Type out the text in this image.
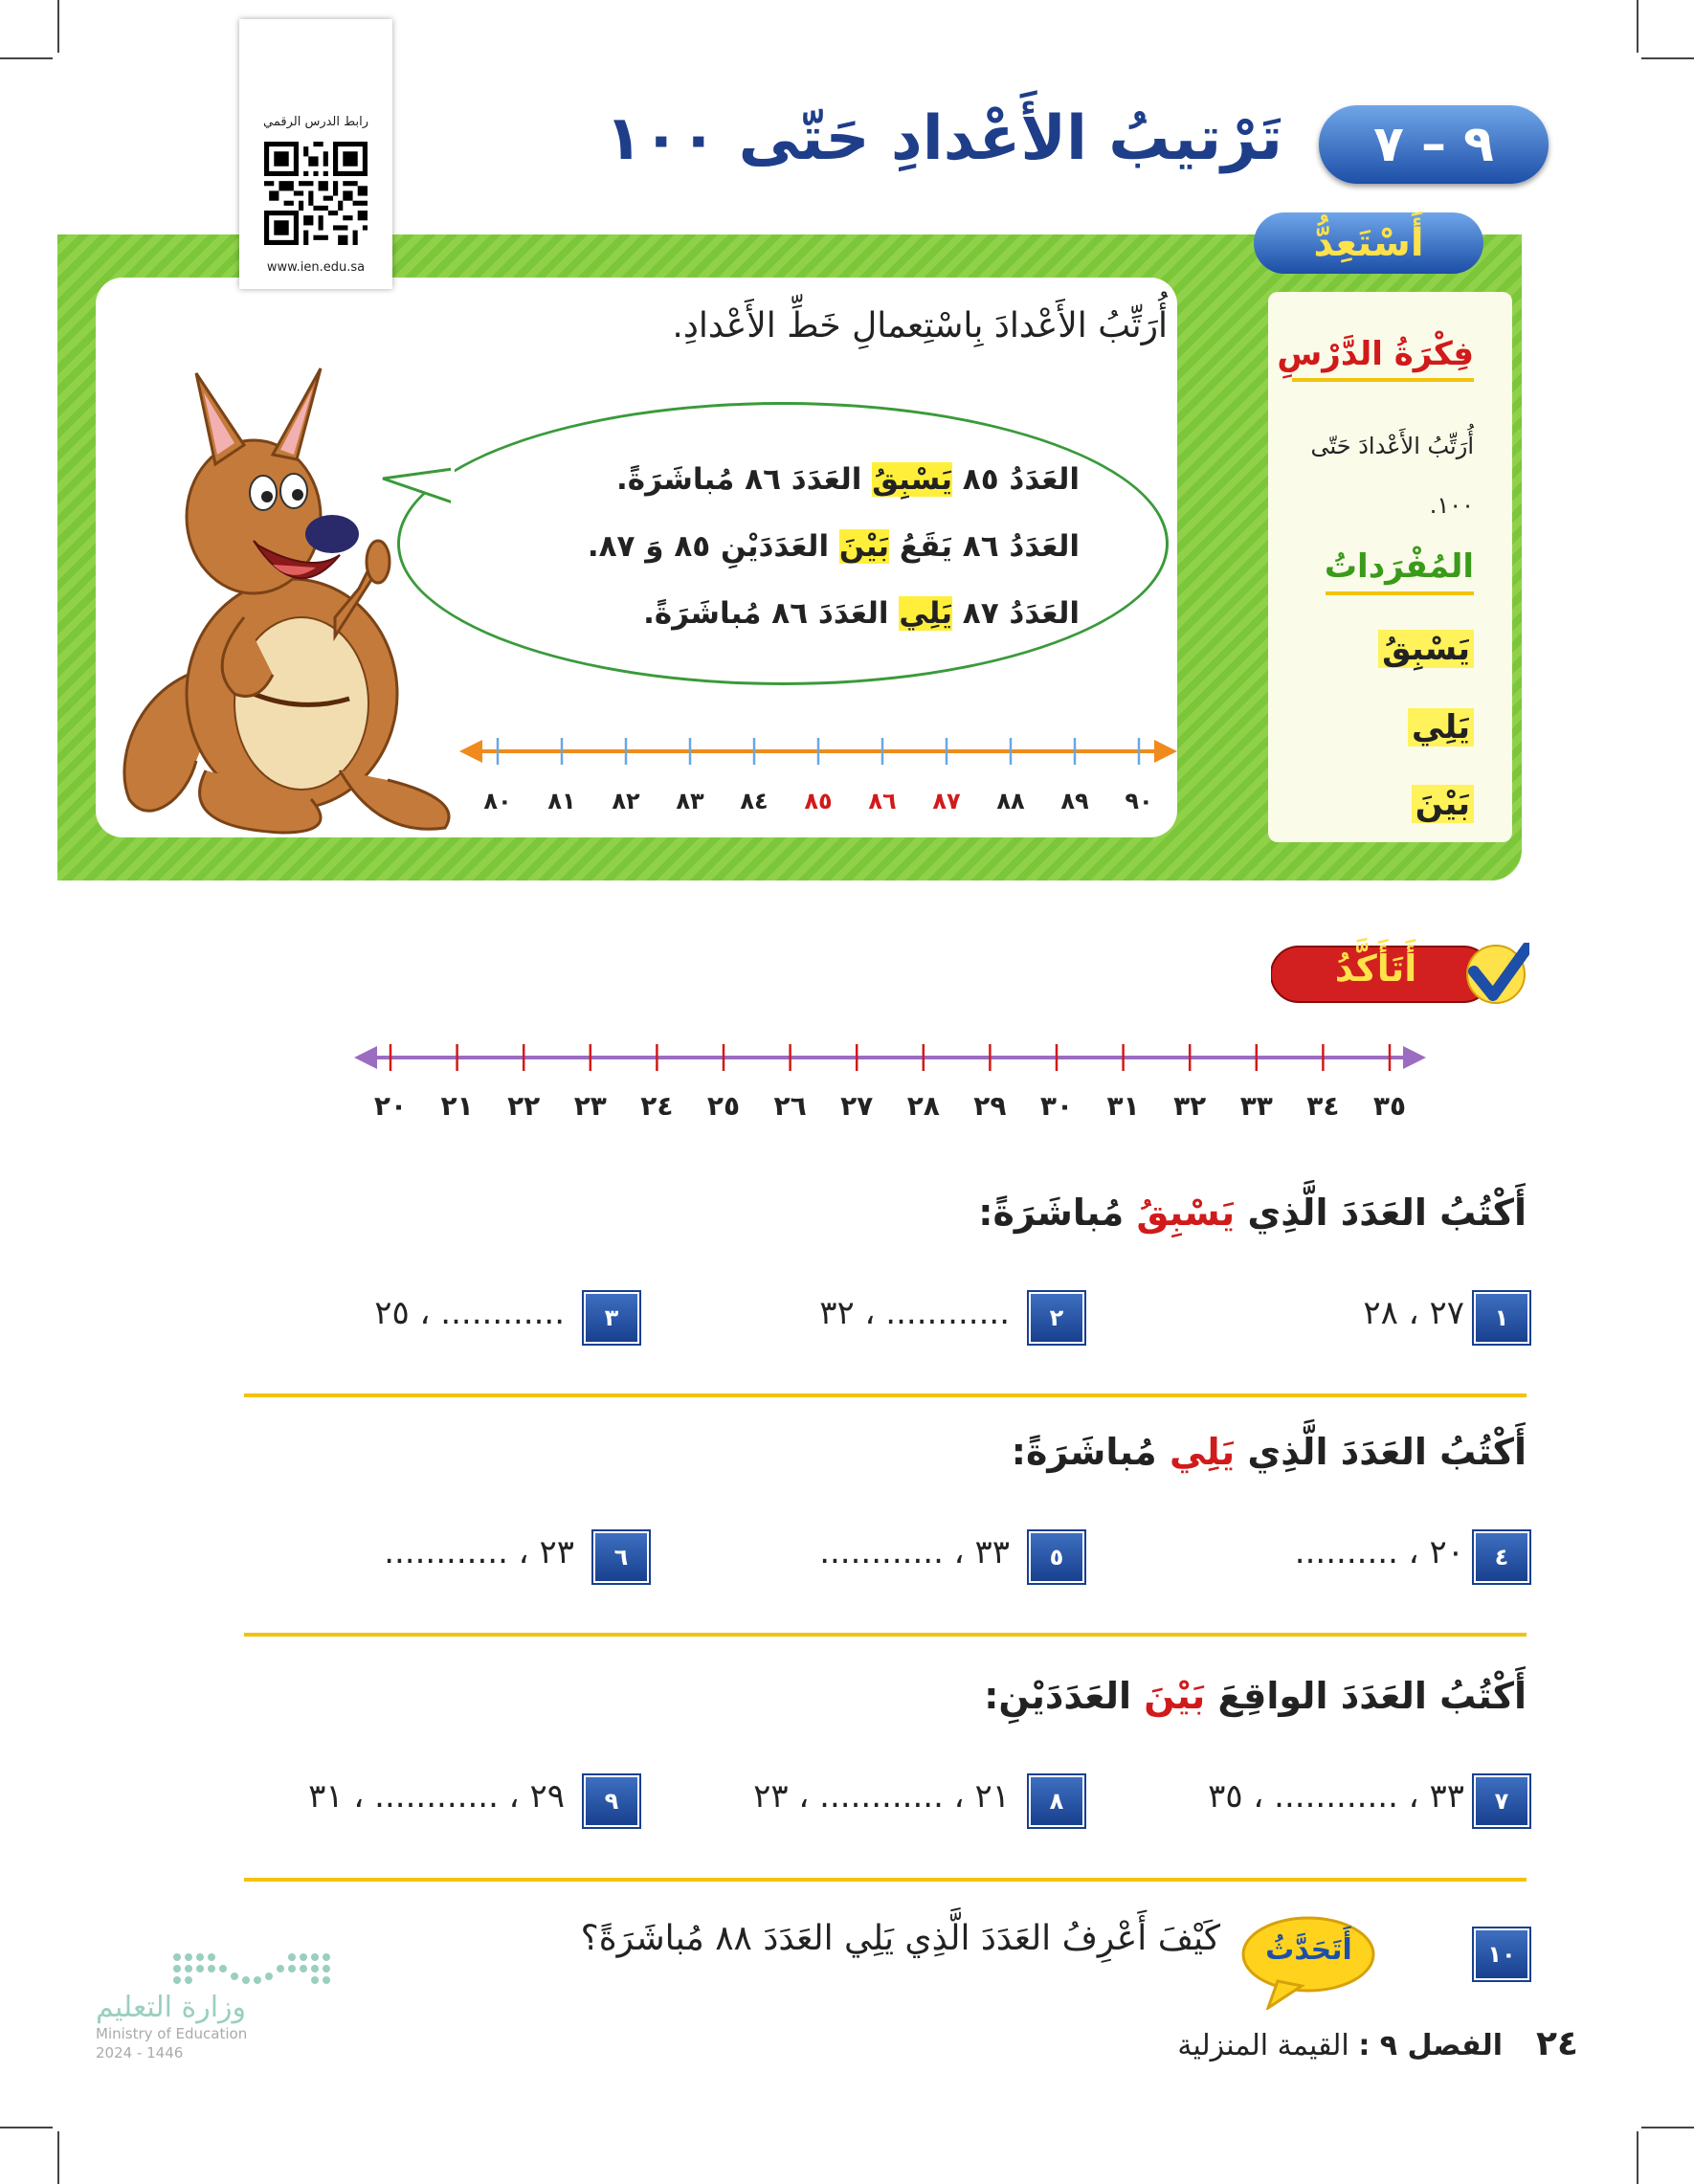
رابط الدرس الرقمي
www.ien.edu.sa
٩ – ٧
تَرْتيبُ الأَعْدادِ حَتّى ١٠٠
أَسْتَعِدُّ
فِكْرَةُ الدَّرْسِ
أُرَتِّبُ الأَعْدادَ حَتّى
١٠٠.
المُفْرَداتُ
يَسْبِقُ
يَلِي
بَيْنَ
أُرَتِّبُ الأَعْدادَ بِاسْتِعمالِ خَطِّ الأَعْدادِ.
العَدَدُ ٨٥ يَسْبِقُ العَدَدَ ٨٦ مُباشَرَةً.
العَدَدُ ٨٦ يَقَعُ بَيْنَ العَدَدَيْنِ ٨٥ وَ ٨٧.
العَدَدُ ٨٧ يَلِي العَدَدَ ٨٦ مُباشَرَةً.
٨٠ ٨١ ٨٢ ٨٣ ٨٤ ٨٥ ٨٦ ٨٧ ٨٨ ٨٩ ٩٠
أَتَأَكَّدُ
٢٠ ٢١ ٢٢ ٢٣ ٢٤ ٢٥ ٢٦ ٢٧ ٢٨ ٢٩ ٣٠ ٣١ ٣٢ ٣٣ ٣٤ ٣٥
أَكْتُبُ العَدَدَ الَّذِي يَسْبِقُ مُباشَرَةً:
١
٢٧ ، ٢٨
٢
............ ، ٣٢
٣
............ ، ٢٥
أَكْتُبُ العَدَدَ الَّذِي يَلِي مُباشَرَةً:
٤
٢٠ ، ..........
٥
٣٣ ، ............
٦
٢٣ ، ............
أَكْتُبُ العَدَدَ الواقِعَ بَيْنَ العَدَدَيْنِ:
٧
٣٣ ، ............ ، ٣٥
٨
٢١ ، ............ ، ٢٣
٩
٢٩ ، ............ ، ٣١
١٠
أَتَحَدَّثُ
كَيْفَ أَعْرِفُ العَدَدَ الَّذِي يَلِي العَدَدَ ٨٨ مُباشَرَةً؟
وزارة التعليم
Ministry of Education
2024 - 1446	الفصل ٩ : القيمة المنزلية	٢٤
